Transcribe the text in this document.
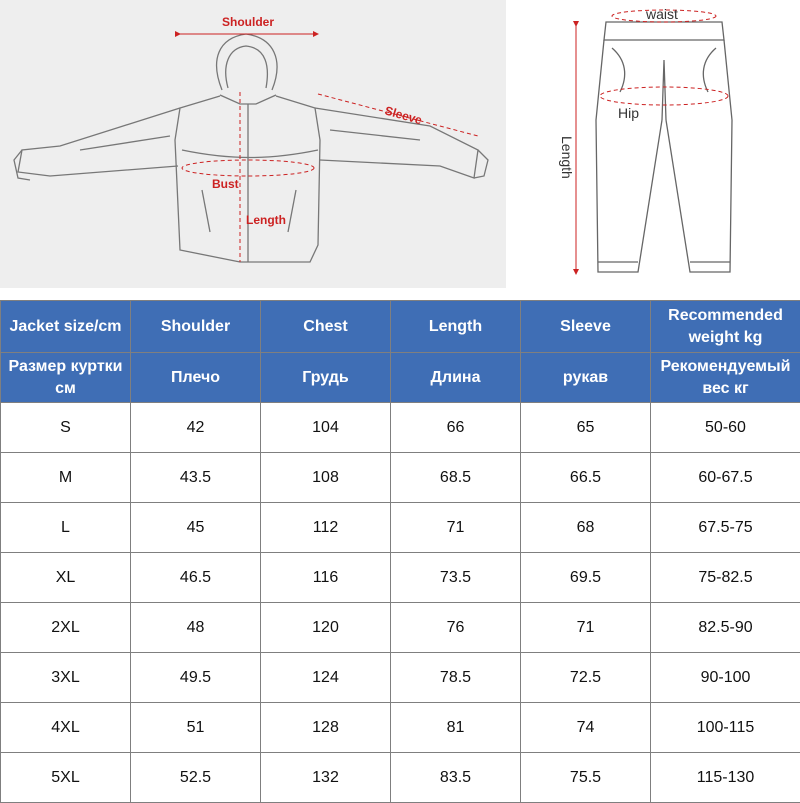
Shoulder
Sleeve
Bust
Length
waist
Hip
Length
Jacket size/cm	Shoulder	Chest	Length	Sleeve	Recommended weight kg
Размер куртки см	Плечо	Грудь	Длина	рукав	Рекомендуемый вес кг
S	42	104	66	65	50-60
M	43.5	108	68.5	66.5	60-67.5
L	45	112	71	68	67.5-75
XL	46.5	116	73.5	69.5	75-82.5
2XL	48	120	76	71	82.5-90
3XL	49.5	124	78.5	72.5	90-100
4XL	51	128	81	74	100-115
5XL	52.5	132	83.5	75.5	115-130
